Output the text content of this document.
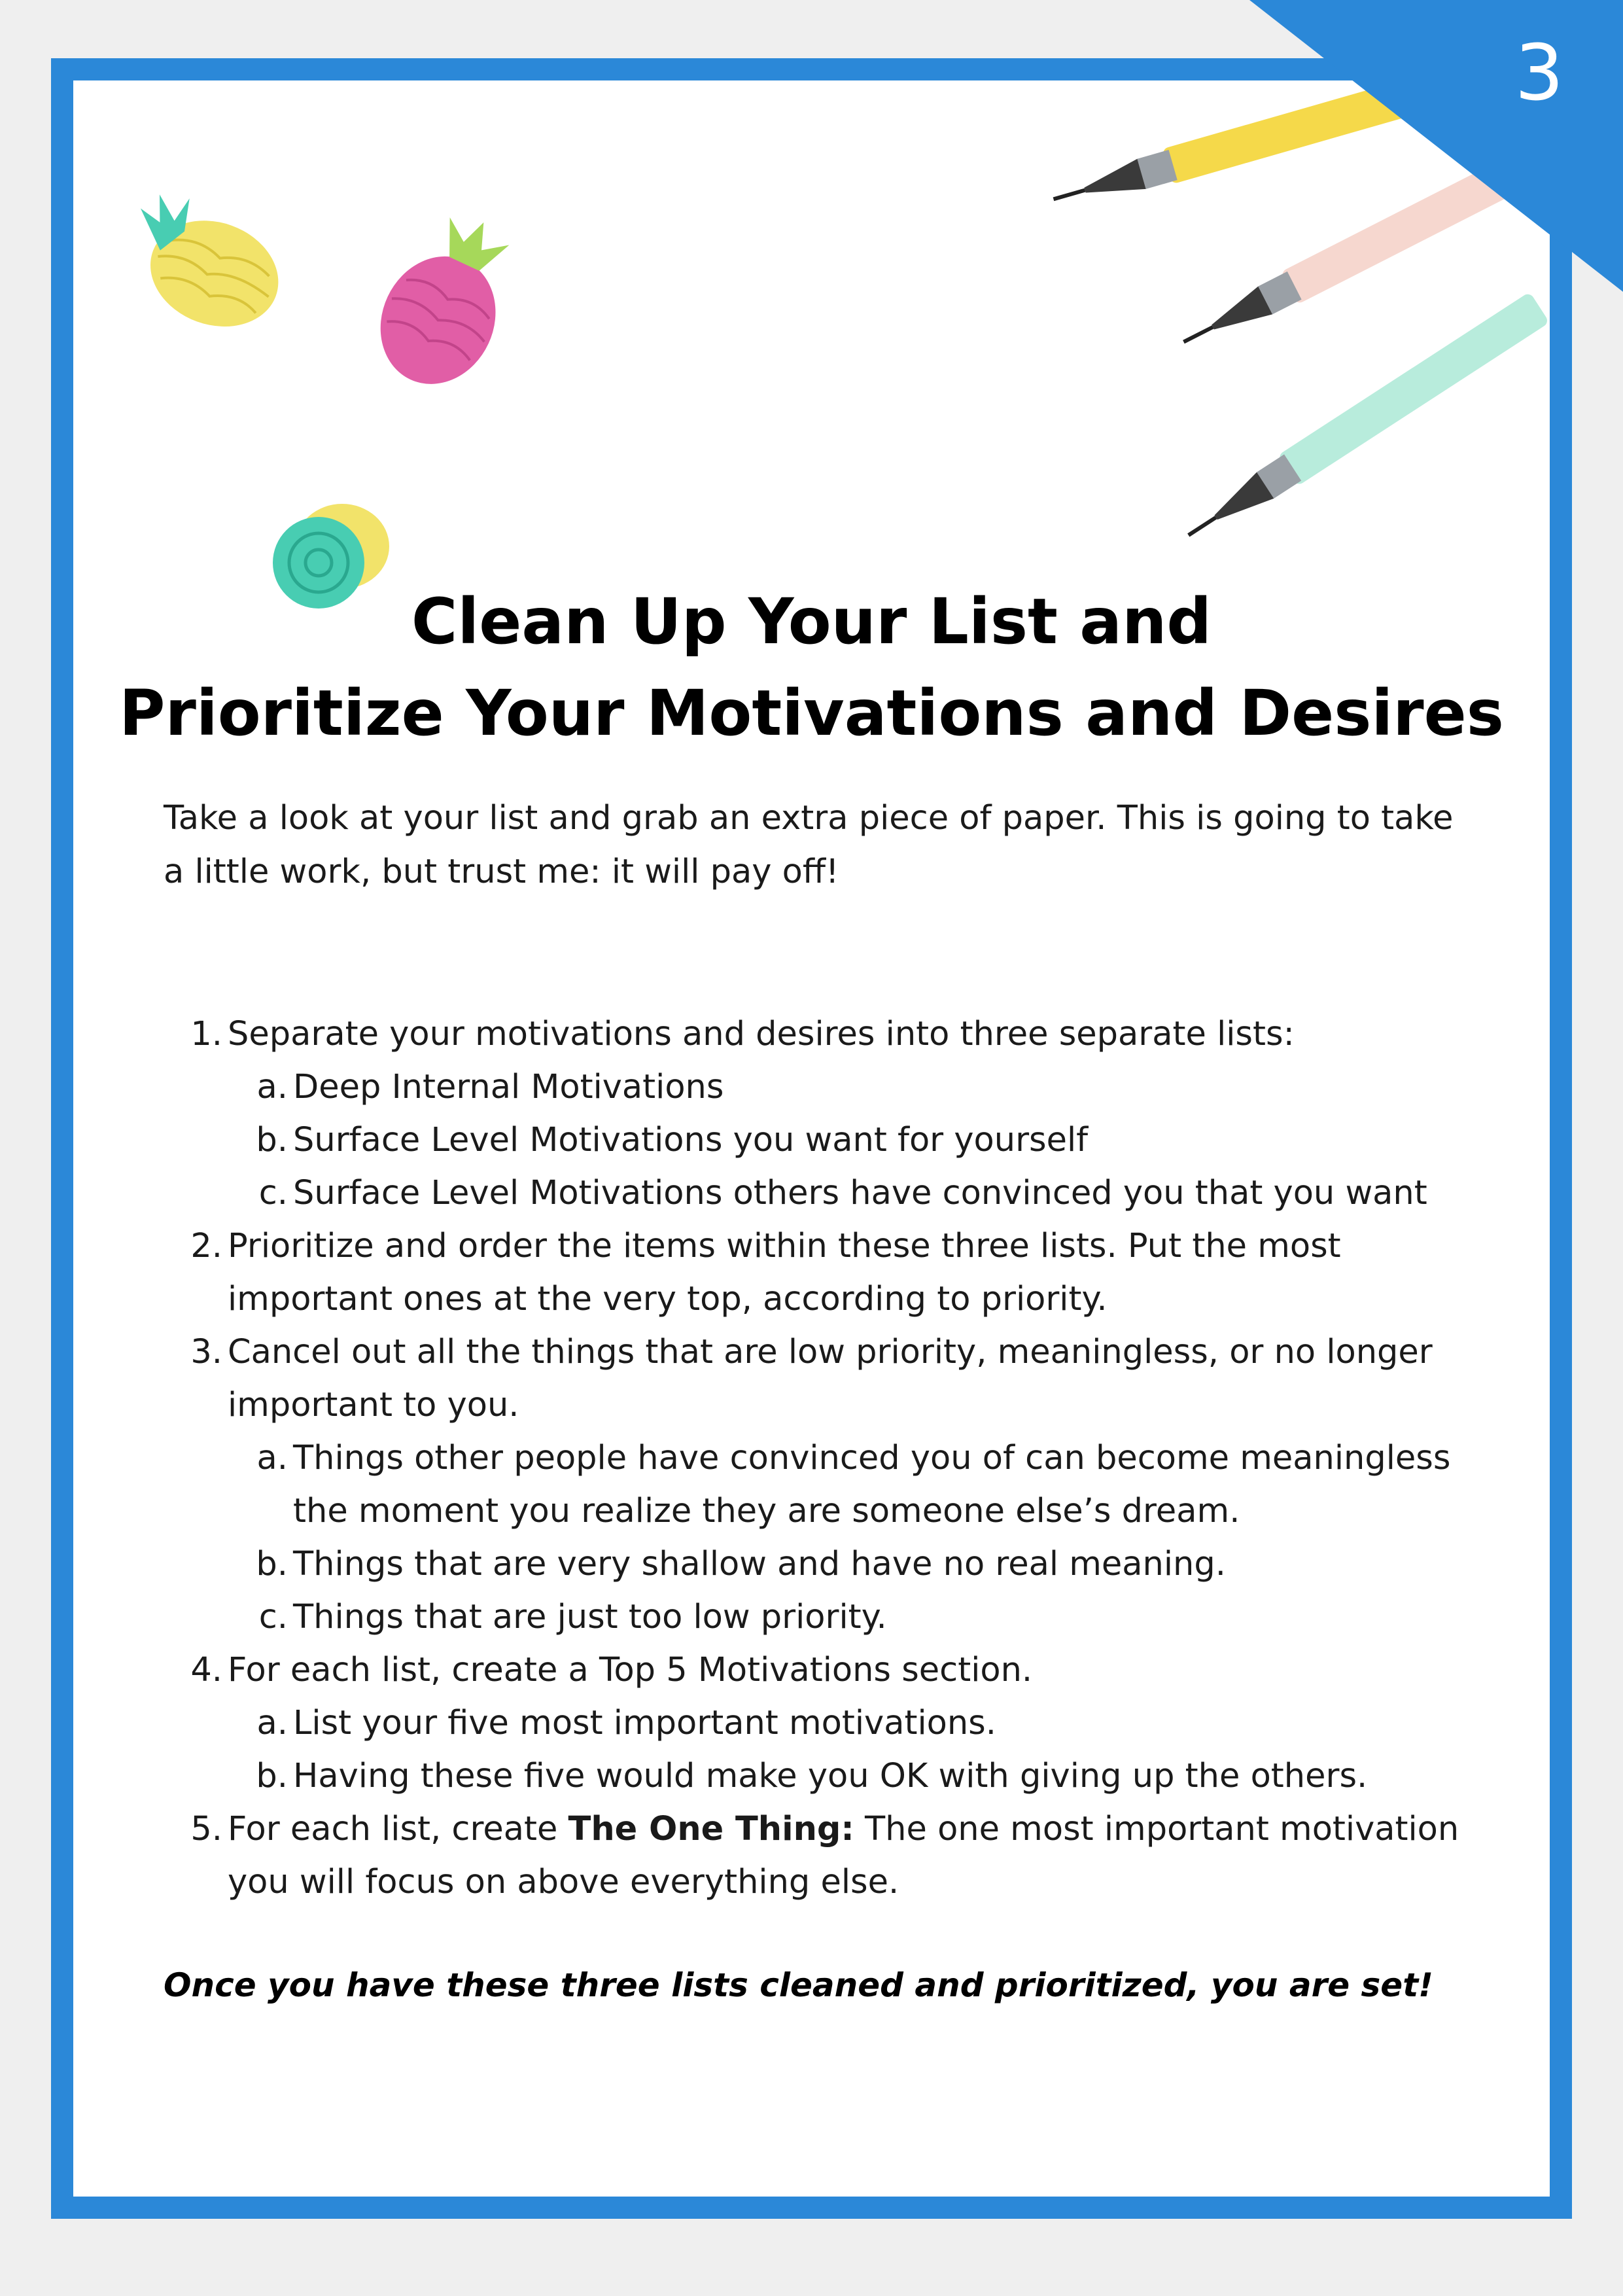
3
Clean Up Your List and
Prioritize Your Motivations and Desires

Take a look at your list and grab an extra piece of paper. This is going to take a little work, but trust me: it will pay off!

1. Separate your motivations and desires into three separate lists:
a. Deep Internal Motivations
b. Surface Level Motivations you want for yourself
c. Surface Level Motivations others have convinced you that you want
2. Prioritize and order the items within these three lists. Put the most important ones at the very top, according to priority.
3. Cancel out all the things that are low priority, meaningless, or no longer important to you.
a. Things other people have convinced you of can become meaningless the moment you realize they are someone else’s dream.
b. Things that are very shallow and have no real meaning.
c. Things that are just too low priority.
4. For each list, create a Top 5 Motivations section.
a. List your five most important motivations.
b. Having these five would make you OK with giving up the others.
5. For each list, create The One Thing: The one most important motivation you will focus on above everything else.

Once you have these three lists cleaned and prioritized, you are set!
